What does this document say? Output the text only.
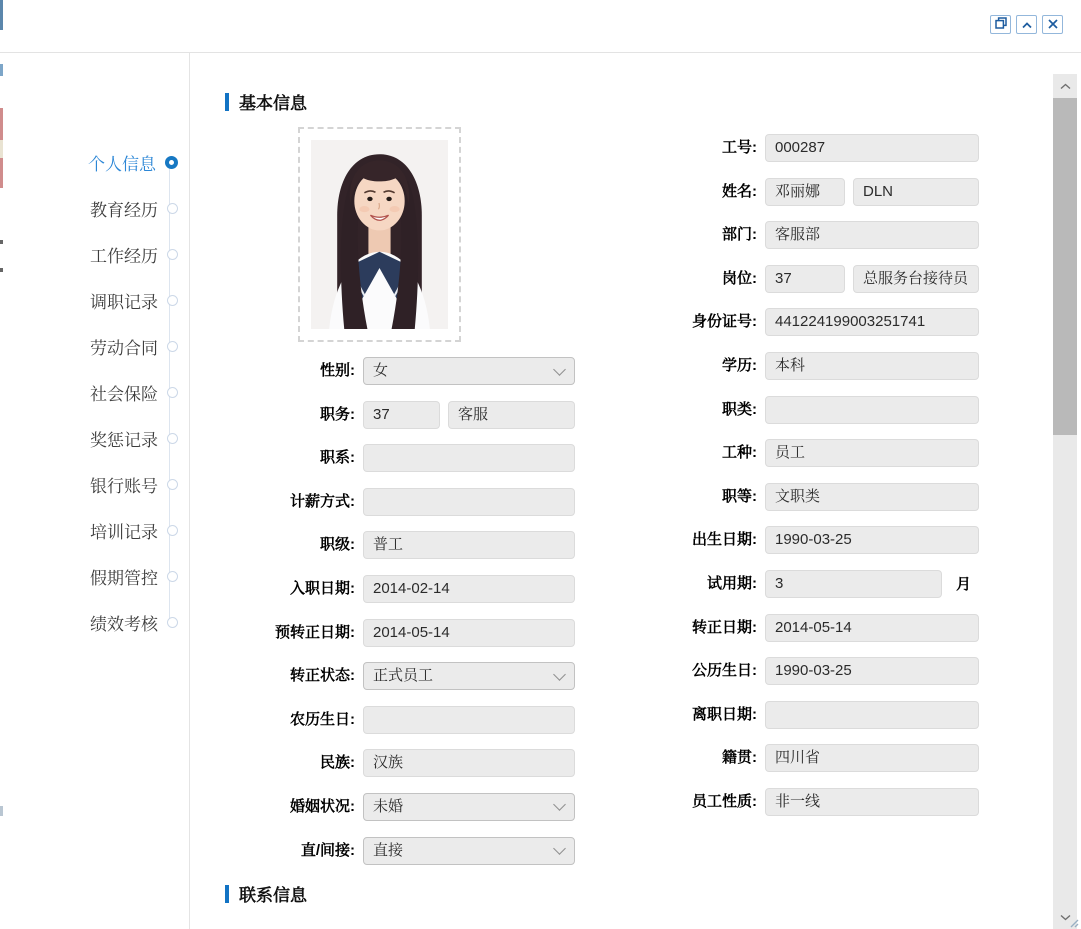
个人信息
教育经历
工作经历
调职记录
劳动合同
社会保险
奖惩记录
银行账号
培训记录
假期管控
绩效考核
基本信息
性别:	女
职务:	37	客服
职系:
计薪方式:
职级:	普工
入职日期:	2014-02-14
预转正日期:	2014-05-14
转正状态:	正式员工
农历生日:
民族:	汉族
婚姻状况:	未婚
直/间接:	直接
工号:	000287
姓名:	邓丽娜	DLN
部门:	客服部
岗位:	37	总服务台接待员
身份证号:	441224199003251741
学历:	本科
职类:
工种:	员工
职等:	文职类
出生日期:	1990-03-25
试用期:	3	月
转正日期:	2014-05-14
公历生日:	1990-03-25
离职日期:
籍贯:	四川省
员工性质:	非一线
联系信息
